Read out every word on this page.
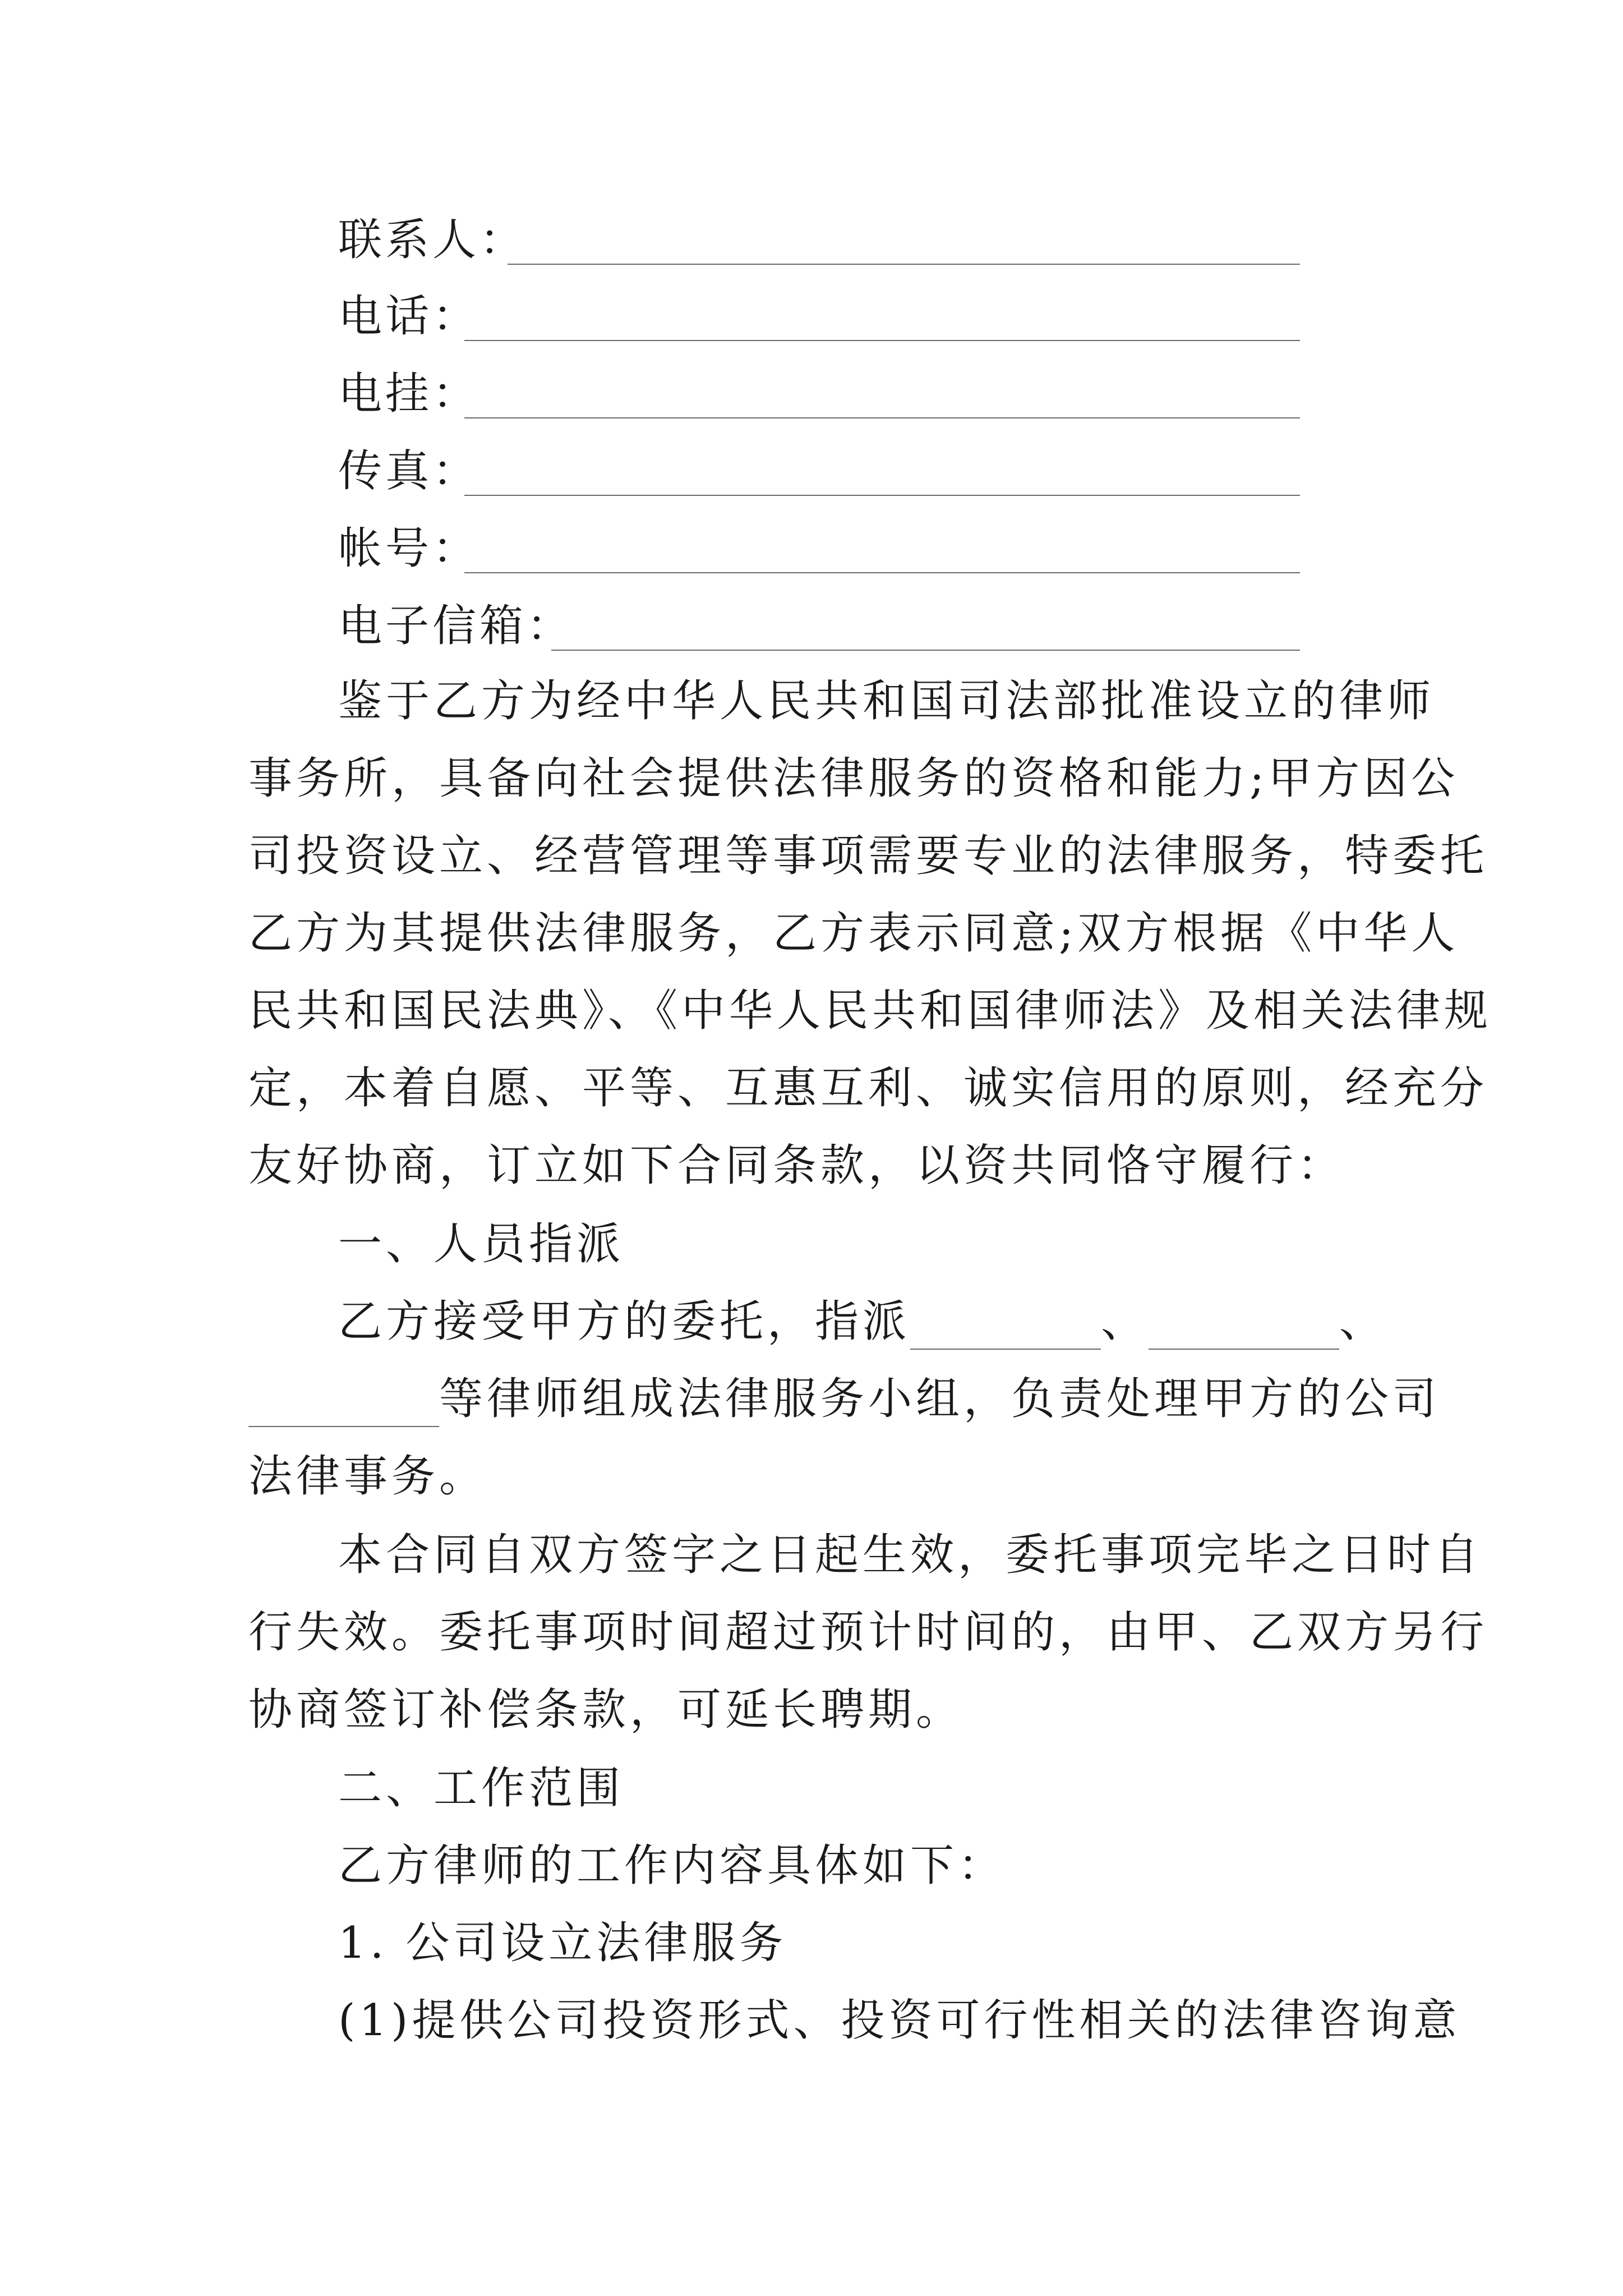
联系人：
电话：
电挂：
传真：
帐号：
电子信箱：
鉴于乙方为经中华人民共和国司法部批准设立的律师
事务所，具备向社会提供法律服务的资格和能力;甲方因公
司投资设立、经营管理等事项需要专业的法律服务，特委托
乙方为其提供法律服务，乙方表示同意;双方根据《中华人
民共和国民法典》、《中华人民共和国律师法》及相关法律规
定，本着自愿、平等、互惠互利、诚实信用的原则，经充分
友好协商，订立如下合同条款，以资共同恪守履行：
一、人员指派
乙方接受甲方的委托，指派	、	、
等律师组成法律服务小组，负责处理甲方的公司
法律事务。
本合同自双方签字之日起生效，委托事项完毕之日时自
行失效。委托事项时间超过预计时间的，由甲、乙双方另行
协商签订补偿条款，可延长聘期。
二、工作范围
乙方律师的工作内容具体如下：
1. 公司设立法律服务
(1)提供公司投资形式、投资可行性相关的法律咨询意
